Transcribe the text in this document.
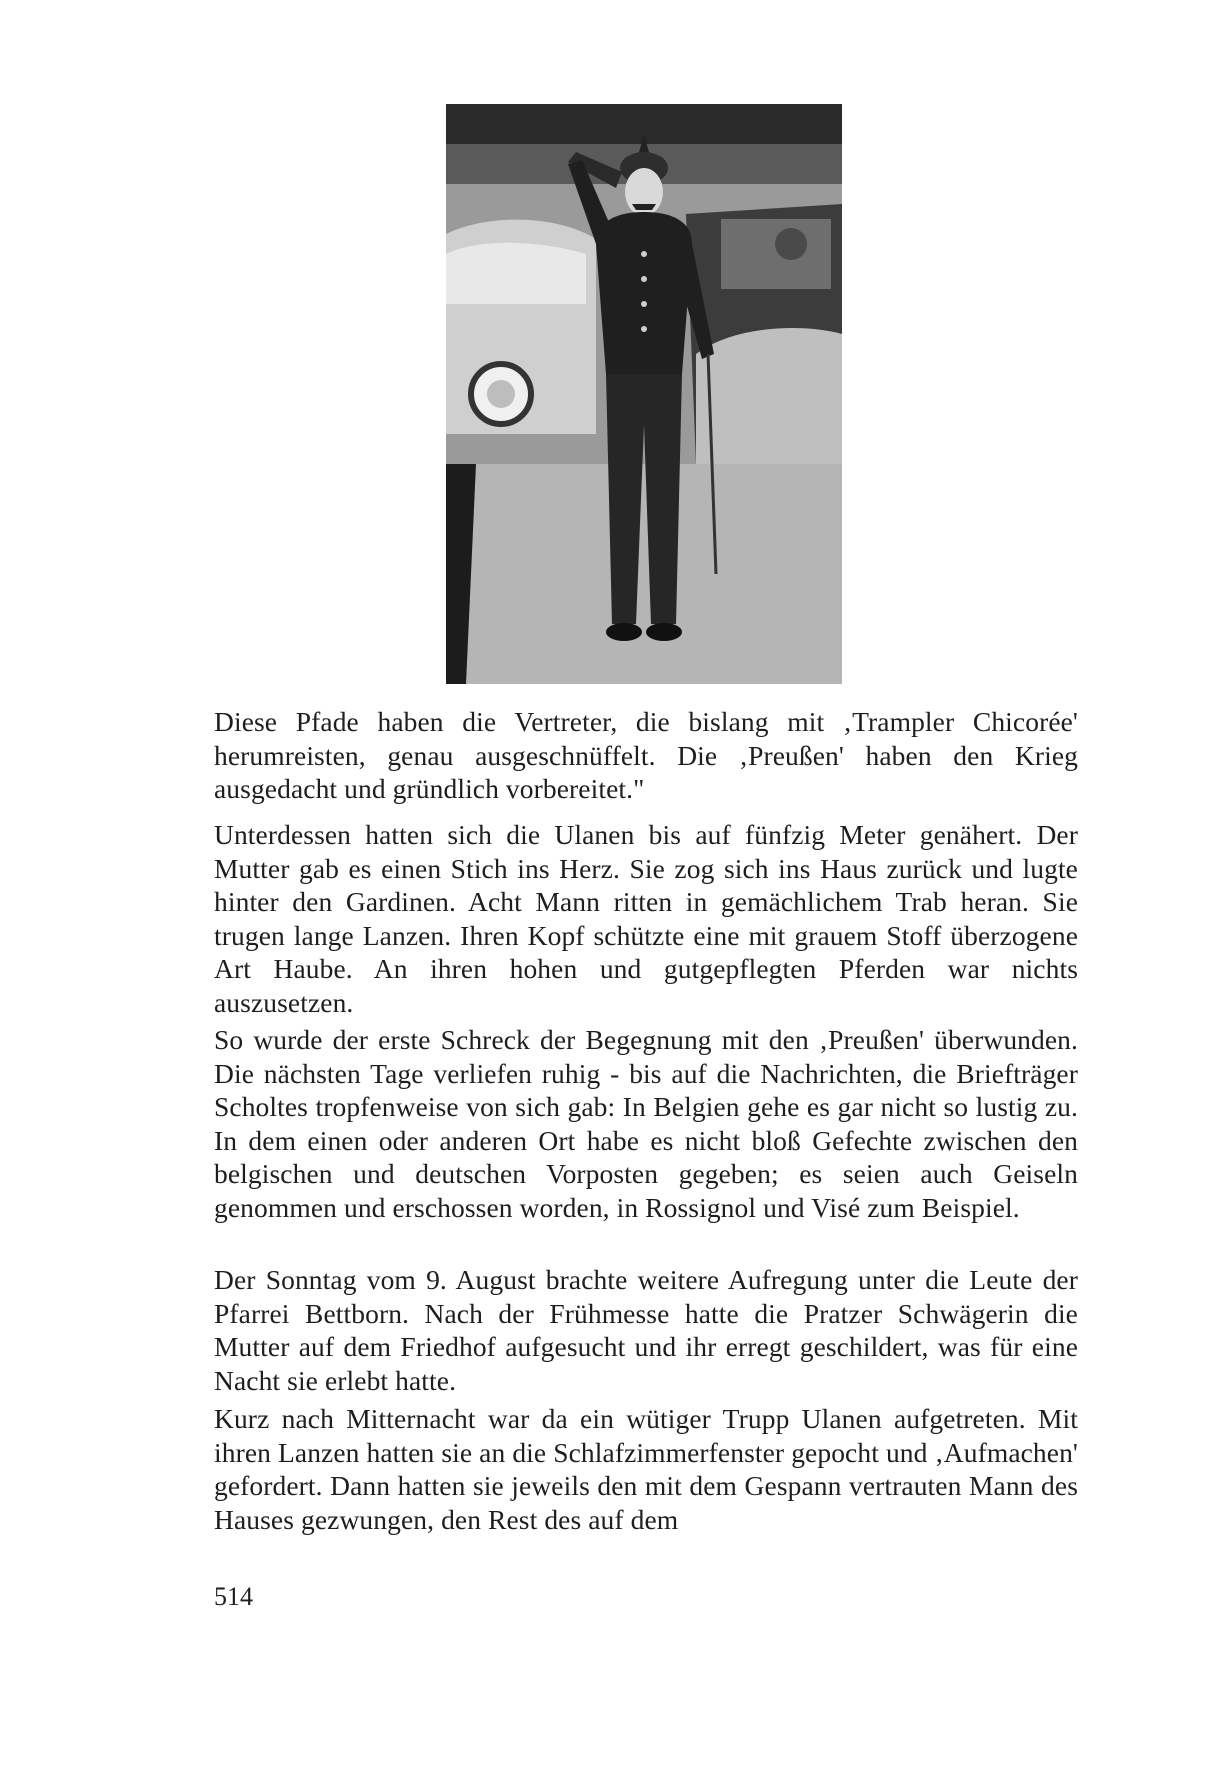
Diese Pfade haben die Vertreter, die bislang mit ‚Trampler Chicorée' herumreisten, genau ausgeschnüffelt. Die ‚Preußen' haben den Krieg ausgedacht und gründlich vorbereitet."

Unterdessen hatten sich die Ulanen bis auf fünfzig Meter genähert. Der Mutter gab es einen Stich ins Herz. Sie zog sich ins Haus zurück und lugte hinter den Gardinen. Acht Mann ritten in gemächlichem Trab heran. Sie trugen lange Lanzen. Ihren Kopf schützte eine mit grauem Stoff überzogene Art Haube. An ihren hohen und gutgepflegten Pferden war nichts auszusetzen.

So wurde der erste Schreck der Begegnung mit den ‚Preußen' überwunden. Die nächsten Tage verliefen ruhig - bis auf die Nachrichten, die Briefträger Scholtes tropfenweise von sich gab: In Belgien gehe es gar nicht so lustig zu. In dem einen oder anderen Ort habe es nicht bloß Gefechte zwischen den belgischen und deutschen Vorposten gegeben; es seien auch Geiseln genommen und erschossen worden, in Rossignol und Visé zum Beispiel.

Der Sonntag vom 9. August brachte weitere Aufregung unter die Leute der Pfarrei Bettborn. Nach der Frühmesse hatte die Pratzer Schwägerin die Mutter auf dem Friedhof aufgesucht und ihr erregt geschildert, was für eine Nacht sie erlebt hatte.

Kurz nach Mitternacht war da ein wütiger Trupp Ulanen aufgetreten. Mit ihren Lanzen hatten sie an die Schlafzimmerfenster gepocht und ‚Aufmachen' gefordert. Dann hatten sie jeweils den mit dem Gespann vertrauten Mann des Hauses gezwungen, den Rest des auf dem

514
